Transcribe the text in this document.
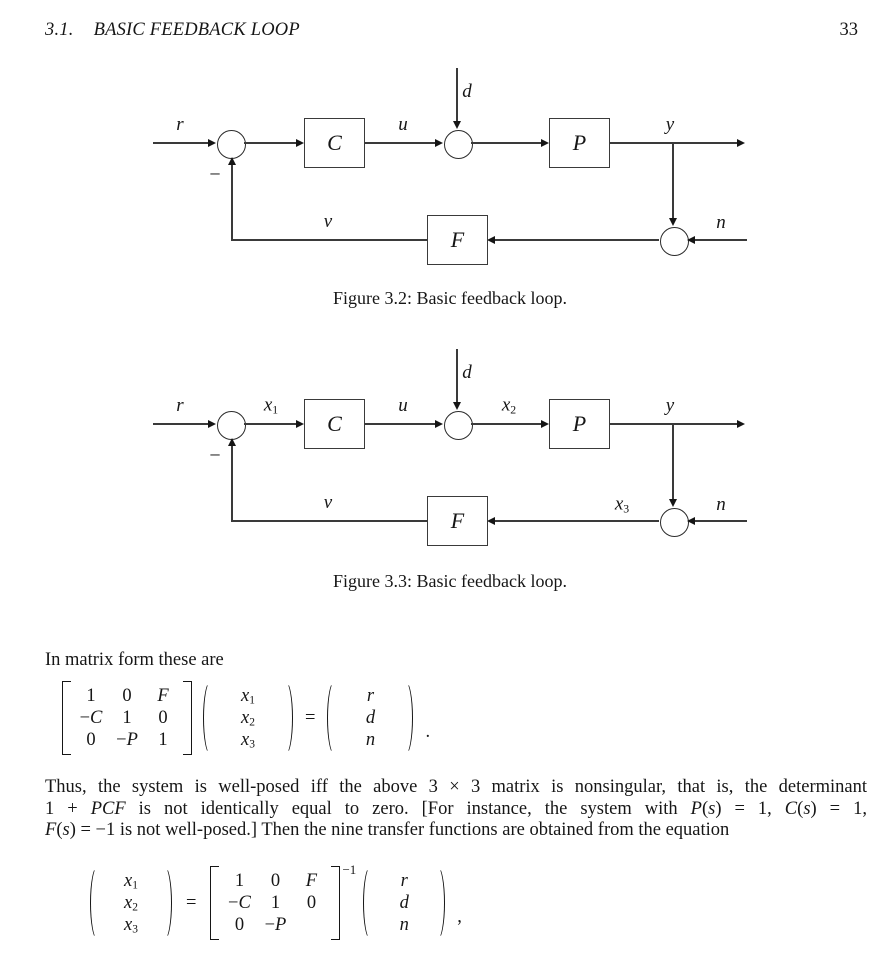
3.1. BASIC FEEDBACK LOOP	33
C	P
F
r	u
d
y
n
v
−
Figure 3.2: Basic feedback loop.
C	P
F
r	x1	u
d
x2	y
n
x3
v
−
Figure 3.3: Basic feedback loop.
In matrix form these are
1	0	F
−C	1	0
0	−P	1
x1
x2
x3
=
r
d
n	.
Thus, the system is well-posed iff the above 3 × 3 matrix is nonsingular, that is, the determinant
1 + PCF is not identically equal to zero. [For instance, the system with P(s) = 1, C(s) = 1,
F(s) = −1 is not well-posed.] Then the nine transfer functions are obtained from the equation
x1
x2
x3
=
1	0	F
−C	1	0
0	−P
−1
r
d
n	,
